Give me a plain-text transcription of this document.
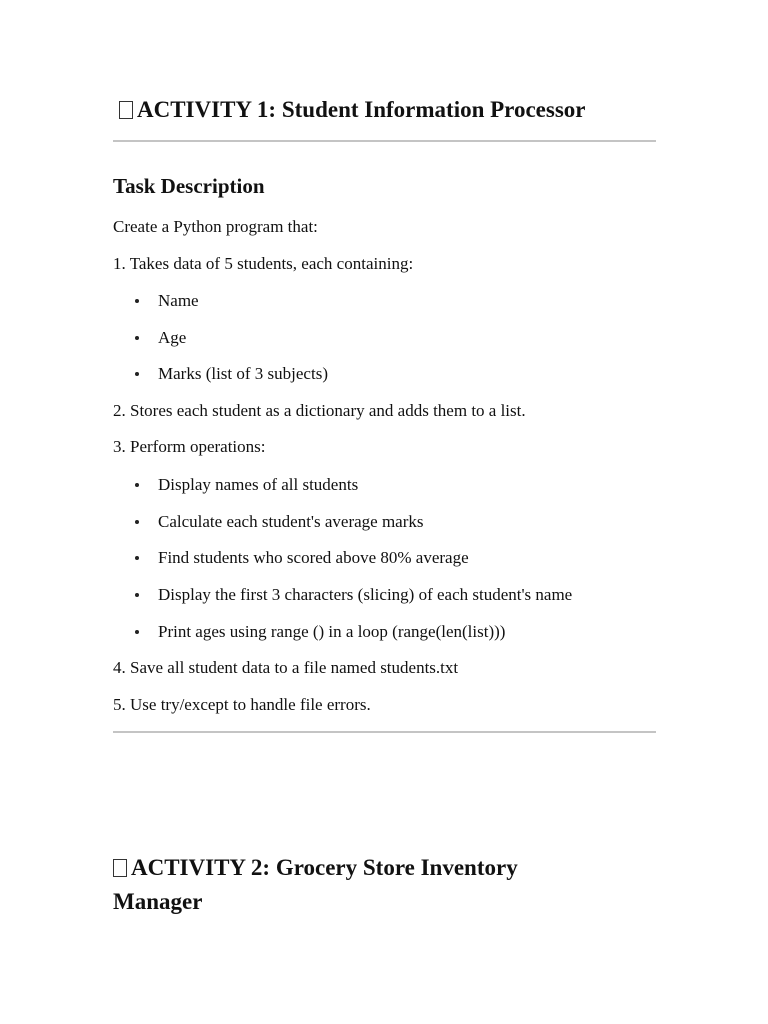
ACTIVITY 1: Student Information Processor
Task Description
Create a Python program that:
1. Takes data of 5 students, each containing:
Name
Age
Marks (list of 3 subjects)
2. Stores each student as a dictionary and adds them to a list.
3. Perform operations:
Display names of all students
Calculate each student's average marks
Find students who scored above 80% average
Display the first 3 characters (slicing) of each student's name
Print ages using range () in a loop (range(len(list)))
4. Save all student data to a file named students.txt
5. Use try/except to handle file errors.
ACTIVITY 2: Grocery Store Inventory
Manager
